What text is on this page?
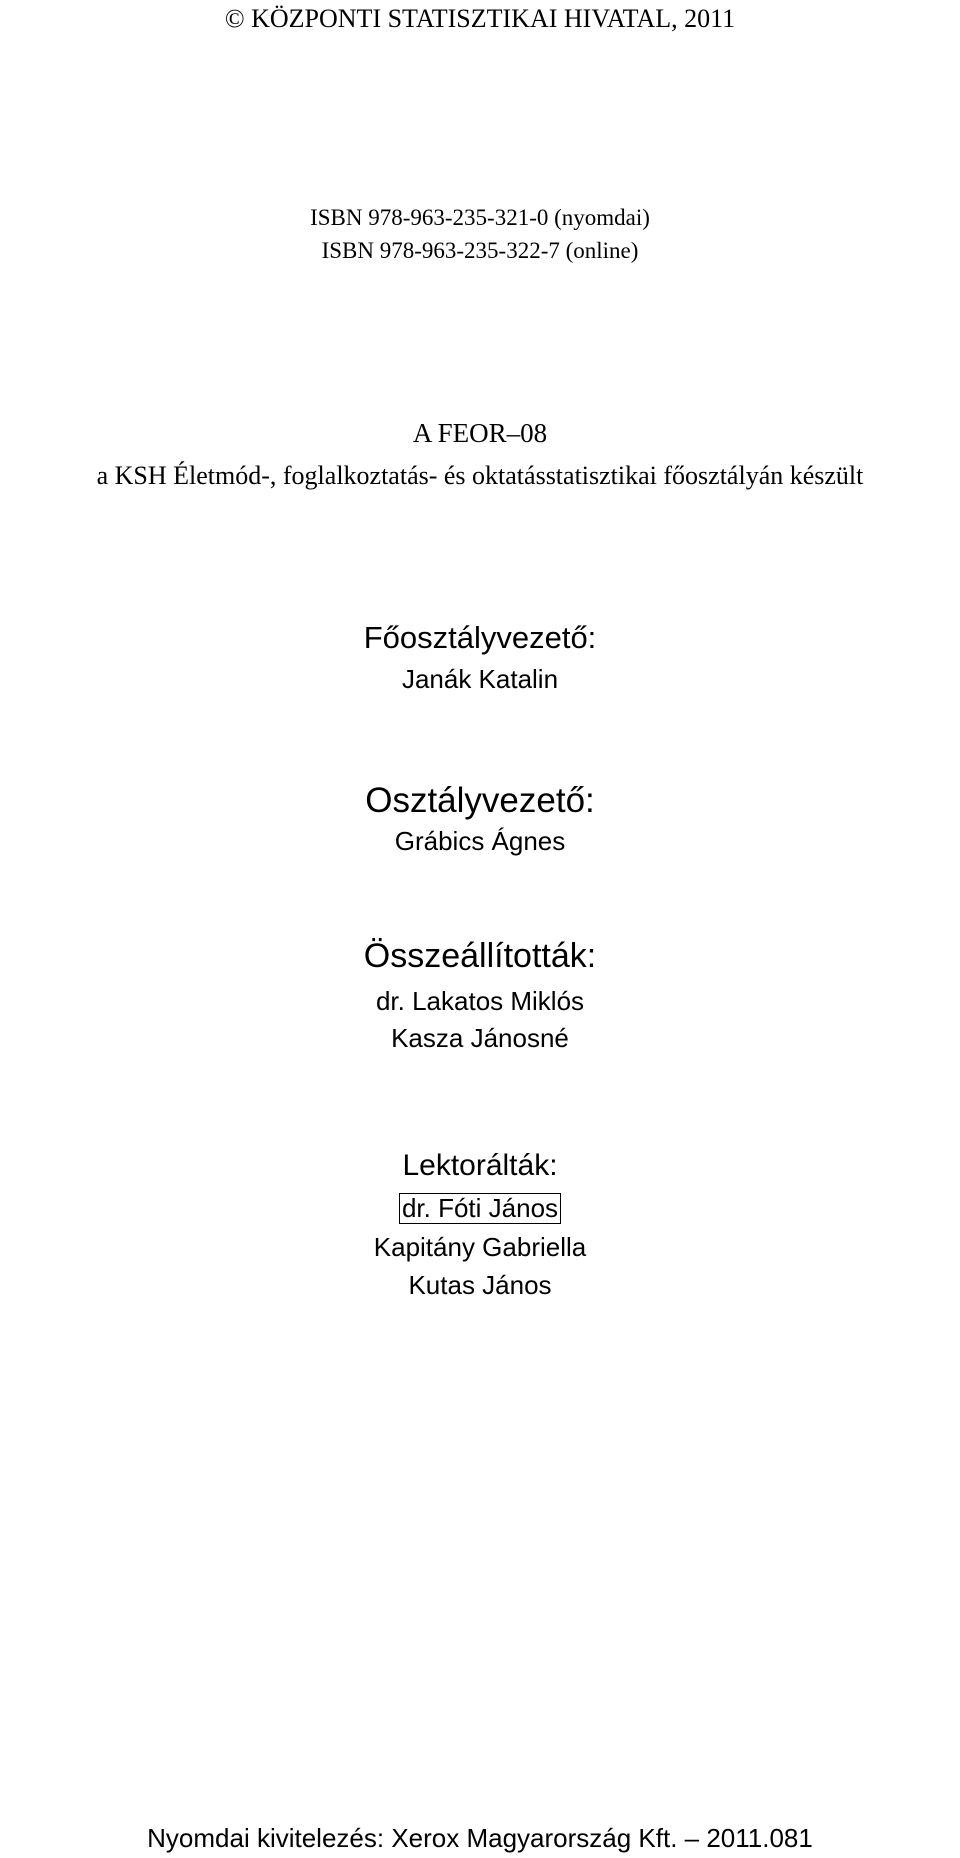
© KÖZPONTI STATISZTIKAI HIVATAL, 2011
ISBN 978-963-235-321-0 (nyomdai)
ISBN 978-963-235-322-7 (online)
A FEOR–08
a KSH Életmód-, foglalkoztatás- és oktatásstatisztikai főosztályán készült
Főosztályvezető:
Janák Katalin
Osztályvezető:
Grábics Ágnes
Összeállították:
dr. Lakatos Miklós
Kasza Jánosné
Lektorálták:
dr. Fóti János
Kapitány Gabriella
Kutas János
Nyomdai kivitelezés: Xerox Magyarország Kft. – 2011.081
